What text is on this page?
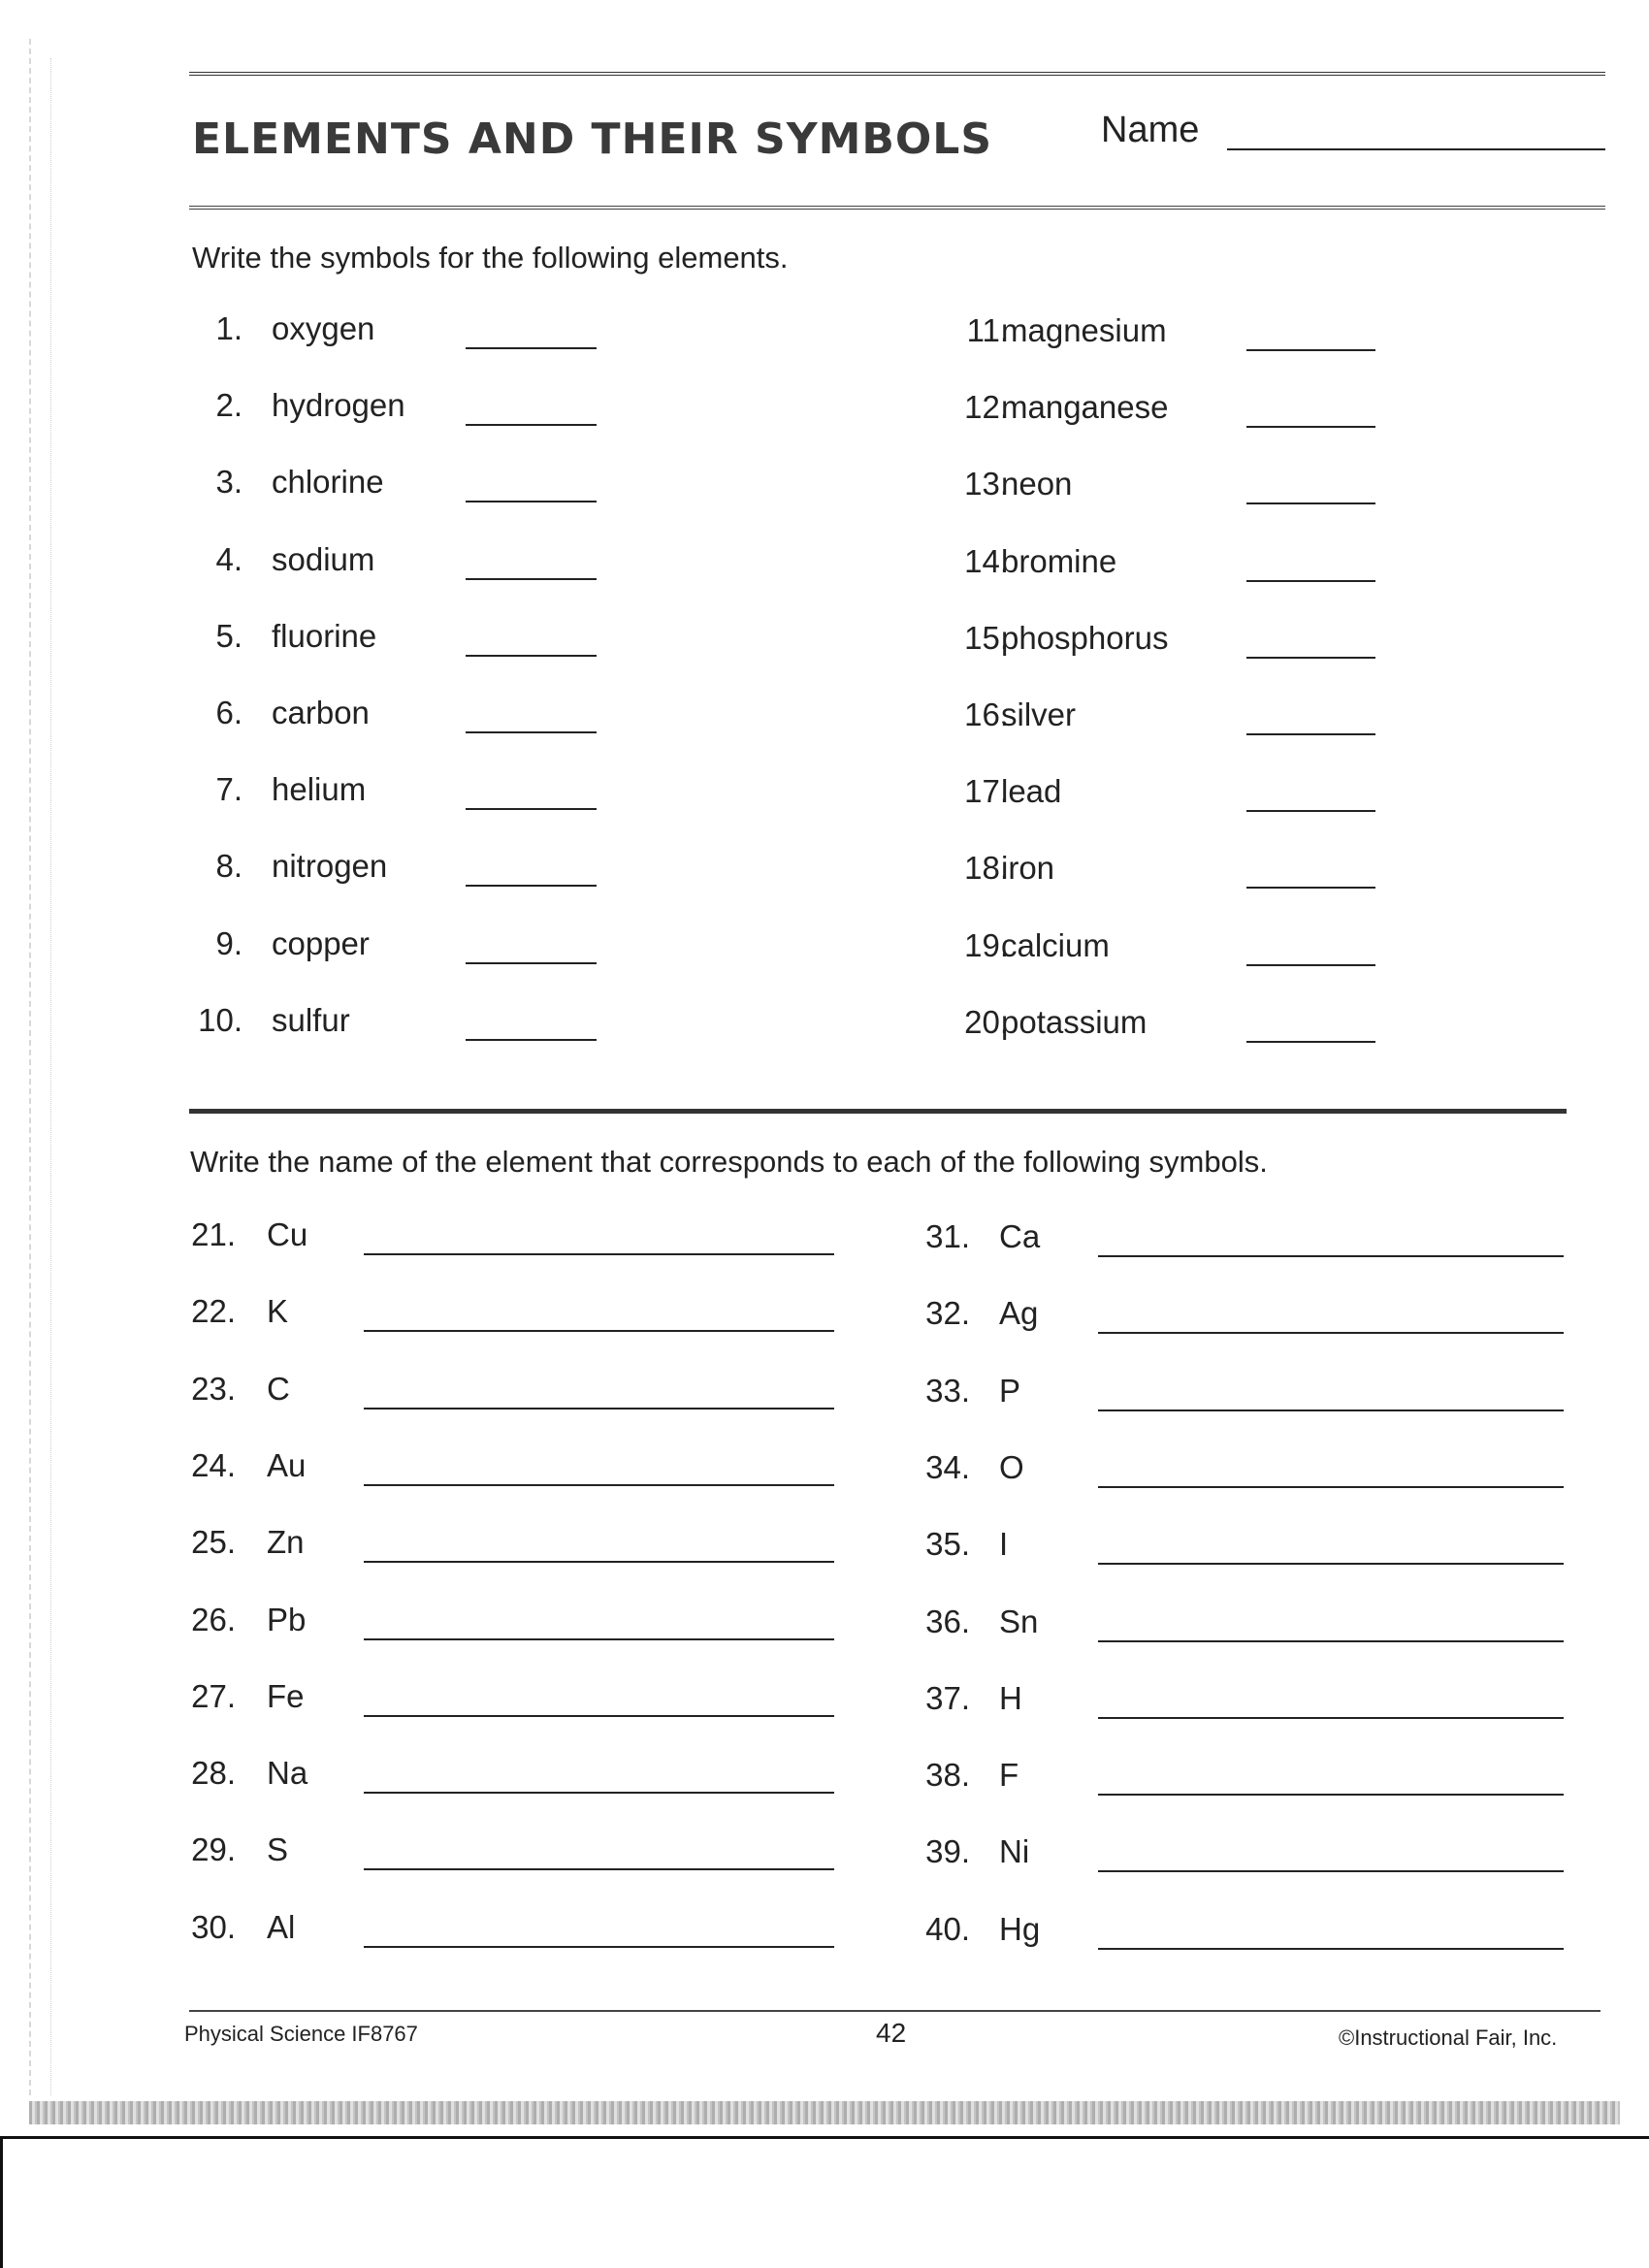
ELEMENTS AND THEIR SYMBOLS	Name
Write the symbols for the following elements.
1. oxygen
2. hydrogen
3. chlorine
4. sodium
5. fluorine
6. carbon
7. helium
8. nitrogen
9. copper
10. sulfur
11.
magnesium
12.
manganese
13.
neon
14.
bromine
15.
phosphorus
16.
silver
17.
lead
18.
iron
19.
calcium
20.
potassium
Write the name of the element that corresponds to each of the following symbols.
21. Cu
22. K
23. C
24. Au
25. Zn
26. Pb
27. Fe
28. Na
29. S
30. Al
31. Ca
32. Ag
33. P
34. O
35. I
36. Sn
37. H
38. F
39. Ni
40. Hg
Physical Science IF8767	42	©Instructional Fair, Inc.
